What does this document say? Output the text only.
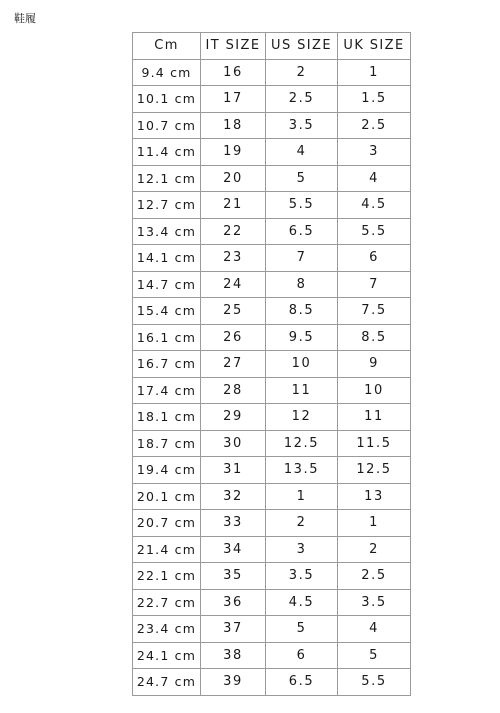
鞋履
Cm	IT SIZE	US SIZE	UK SIZE
9.4 cm	16	2	1
10.1 cm	17	2.5	1.5
10.7 cm	18	3.5	2.5
11.4 cm	19	4	3
12.1 cm	20	5	4
12.7 cm	21	5.5	4.5
13.4 cm	22	6.5	5.5
14.1 cm	23	7	6
14.7 cm	24	8	7
15.4 cm	25	8.5	7.5
16.1 cm	26	9.5	8.5
16.7 cm	27	10	9
17.4 cm	28	11	10
18.1 cm	29	12	11
18.7 cm	30	12.5	11.5
19.4 cm	31	13.5	12.5
20.1 cm	32	1	13
20.7 cm	33	2	1
21.4 cm	34	3	2
22.1 cm	35	3.5	2.5
22.7 cm	36	4.5	3.5
23.4 cm	37	5	4
24.1 cm	38	6	5
24.7 cm	39	6.5	5.5
